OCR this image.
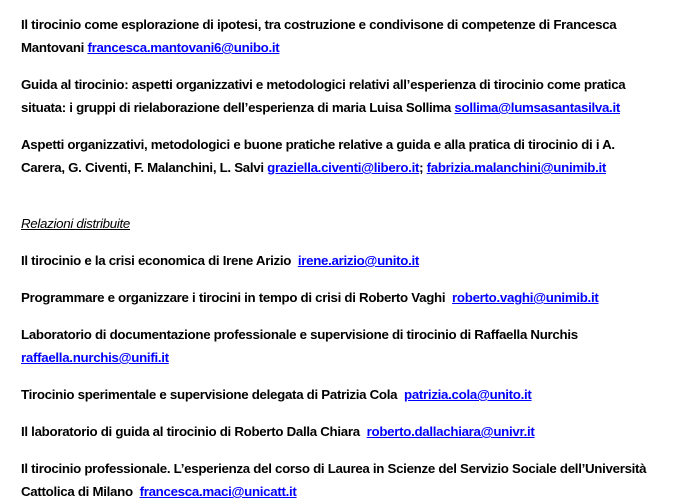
Il tirocinio come esplorazione di ipotesi, tra costruzione e condivisone di competenze di Francesca Mantovani francesca.mantovani6@unibo.it

Guida al tirocinio: aspetti organizzativi e metodologici relativi all’esperienza di tirocinio come pratica situata: i gruppi di rielaborazione dell’esperienza di maria Luisa Sollima sollima@lumsasantasilva.it

Aspetti organizzativi, metodologici e buone pratiche relative a guida e alla pratica di tirocinio di i A. Carera, G. Civenti, F. Malanchini, L. Salvi graziella.civenti@libero.it; fabrizia.malanchini@unimib.it

Relazioni distribuite

Il tirocinio e la crisi economica di Irene Arizio  irene.arizio@unito.it

Programmare e organizzare i tirocini in tempo di crisi di Roberto Vaghi  roberto.vaghi@unimib.it

Laboratorio di documentazione professionale e supervisione di tirocinio di Raffaella Nurchis raffaella.nurchis@unifi.it

Tirocinio sperimentale e supervisione delegata di Patrizia Cola  patrizia.cola@unito.it

Il laboratorio di guida al tirocinio di Roberto Dalla Chiara  roberto.dallachiara@univr.it

Il tirocinio professionale. L’esperienza del corso di Laurea in Scienze del Servizio Sociale dell’Università Cattolica di Milano  francesca.maci@unicatt.it
